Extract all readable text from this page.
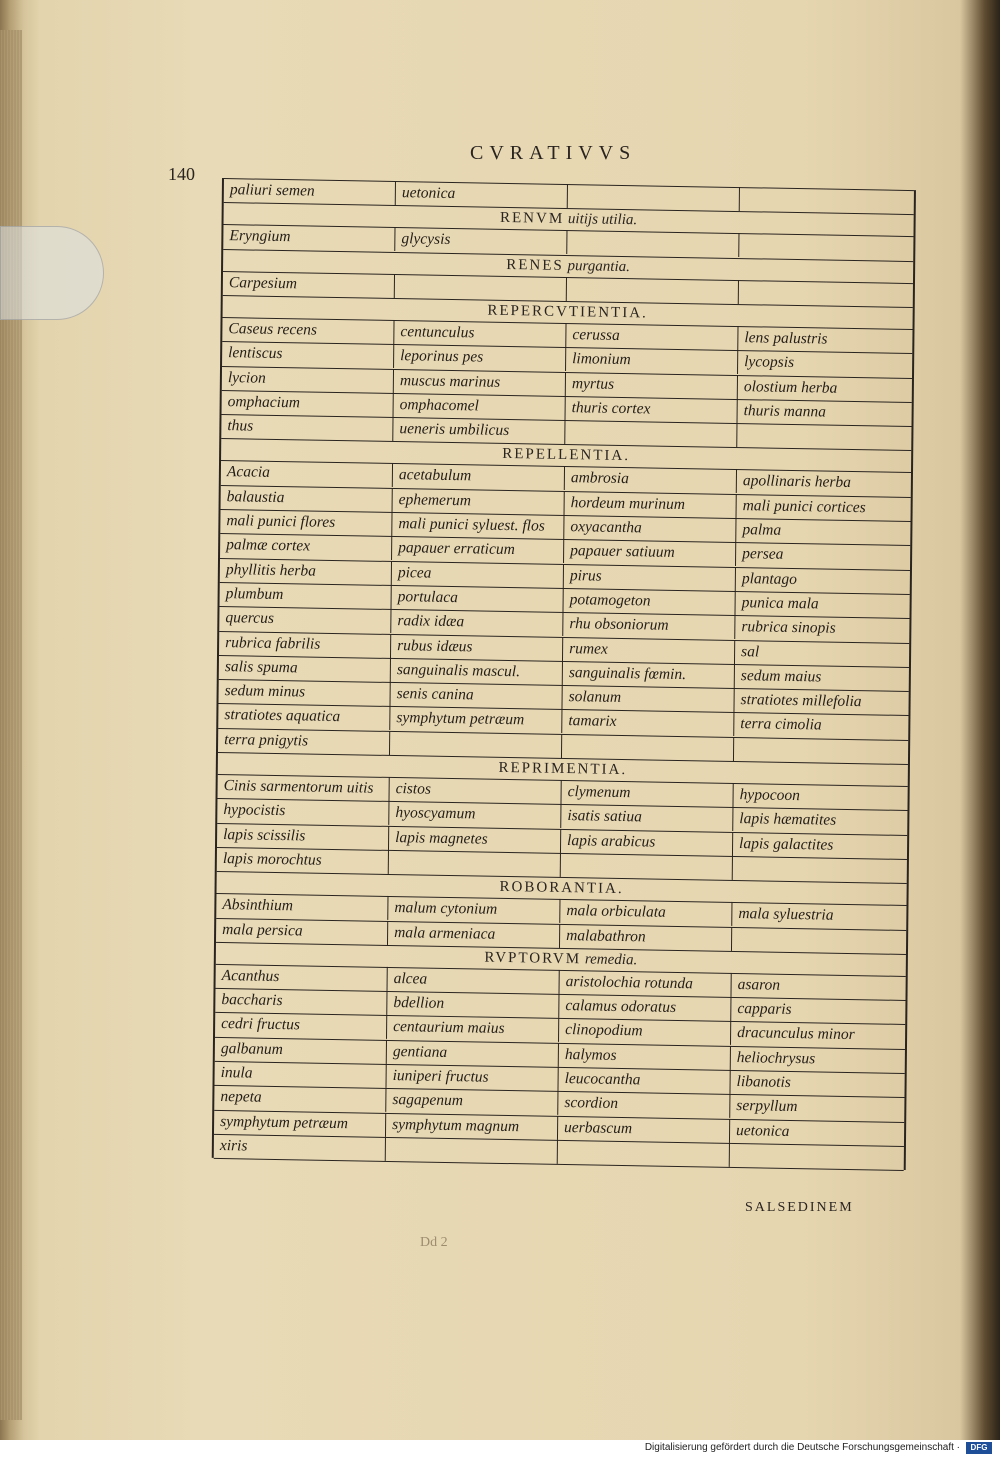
CVRATIVVS
140
paliuri semen	uetonica
RENVM uitijs utilia.
Eryngium	glycysis
RENES purgantia.
Carpesium
REPERCVTIENTIA.
Caseus recens	centunculus	cerussa	lens palustris
lentiscus	leporinus pes	limonium	lycopsis
lycion	muscus marinus	myrtus	olostium herba
omphacium	omphacomel	thuris cortex	thuris manna
thus	ueneris umbilicus
REPELLENTIA.
Acacia	acetabulum	ambrosia	apollinaris herba
balaustia	ephemerum	hordeum murinum	mali punici cortices
mali punici flores	mali punici syluest. flos	oxyacantha	palma
palmæ cortex	papauer erraticum	papauer satiuum	persea
phyllitis herba	picea	pirus	plantago
plumbum	portulaca	potamogeton	punica mala
quercus	radix idæa	rhu obsoniorum	rubrica sinopis
rubrica fabrilis	rubus idæus	rumex	sal
salis spuma	sanguinalis mascul.	sanguinalis fœmin.	sedum maius
sedum minus	senis canina	solanum	stratiotes millefolia
stratiotes aquatica	symphytum petræum	tamarix	terra cimolia
terra pnigytis
REPRIMENTIA.
Cinis sarmentorum uitis	cistos	clymenum	hypocoon
hypocistis	hyoscyamum	isatis satiua	lapis hæmatites
lapis scissilis	lapis magnetes	lapis arabicus	lapis galactites
lapis morochtus
ROBORANTIA.
Absinthium	malum cytonium	mala orbiculata	mala syluestria
mala persica	mala armeniaca	malabathron
RVPTORVM remedia.
Acanthus	alcea	aristolochia rotunda	asaron
baccharis	bdellion	calamus odoratus	capparis
cedri fructus	centaurium maius	clinopodium	dracunculus minor
galbanum	gentiana	halymos	heliochrysus
inula	iuniperi fructus	leucocantha	libanotis
nepeta	sagapenum	scordion	serpyllum
symphytum petræum	symphytum magnum	uerbascum	uetonica
xiris
SALSEDINEM
Dd 2
Digitalisierung gefördert durch die Deutsche Forschungsgemeinschaft ·	DFG
